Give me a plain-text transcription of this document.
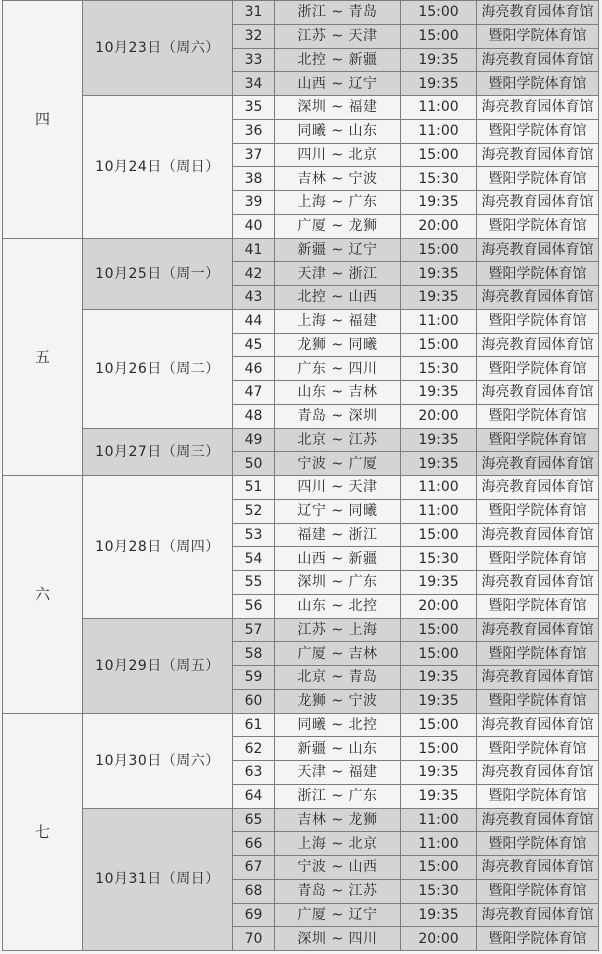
四	10月23日（周六）	31	浙江 ~ 青岛	15:00	海亮教育园体育馆
		32	江苏 ~ 天津	15:00	暨阳学院体育馆
		33	北控 ~ 新疆	19:35	海亮教育园体育馆
		34	山西 ~ 辽宁	19:35	暨阳学院体育馆
	10月24日（周日）	35	深圳 ~ 福建	11:00	海亮教育园体育馆
		36	同曦 ~ 山东	11:00	暨阳学院体育馆
		37	四川 ~ 北京	15:00	海亮教育园体育馆
		38	吉林 ~ 宁波	15:30	暨阳学院体育馆
		39	上海 ~ 广东	19:35	海亮教育园体育馆
		40	广厦 ~ 龙狮	20:00	暨阳学院体育馆
五	10月25日（周一）	41	新疆 ~ 辽宁	15:00	海亮教育园体育馆
		42	天津 ~ 浙江	19:35	暨阳学院体育馆
		43	北控 ~ 山西	19:35	海亮教育园体育馆
	10月26日（周二）	44	上海 ~ 福建	11:00	暨阳学院体育馆
		45	龙狮 ~ 同曦	15:00	海亮教育园体育馆
		46	广东 ~ 四川	15:30	暨阳学院体育馆
		47	山东 ~ 吉林	19:35	海亮教育园体育馆
		48	青岛 ~ 深圳	20:00	暨阳学院体育馆
	10月27日（周三）	49	北京 ~ 江苏	19:35	暨阳学院体育馆
		50	宁波 ~ 广厦	19:35	海亮教育园体育馆
六	10月28日（周四）	51	四川 ~ 天津	11:00	海亮教育园体育馆
		52	辽宁 ~ 同曦	11:00	暨阳学院体育馆
		53	福建 ~ 浙江	15:00	海亮教育园体育馆
		54	山西 ~ 新疆	15:30	暨阳学院体育馆
		55	深圳 ~ 广东	19:35	海亮教育园体育馆
		56	山东 ~ 北控	20:00	暨阳学院体育馆
	10月29日（周五）	57	江苏 ~ 上海	15:00	海亮教育园体育馆
		58	广厦 ~ 吉林	15:00	暨阳学院体育馆
		59	北京 ~ 青岛	19:35	海亮教育园体育馆
		60	龙狮 ~ 宁波	19:35	暨阳学院体育馆
七	10月30日（周六）	61	同曦 ~ 北控	15:00	海亮教育园体育馆
		62	新疆 ~ 山东	15:00	暨阳学院体育馆
		63	天津 ~ 福建	19:35	海亮教育园体育馆
		64	浙江 ~ 广东	19:35	暨阳学院体育馆
	10月31日（周日）	65	吉林 ~ 龙狮	11:00	海亮教育园体育馆
		66	上海 ~ 北京	11:00	暨阳学院体育馆
		67	宁波 ~ 山西	15:00	海亮教育园体育馆
		68	青岛 ~ 江苏	15:30	暨阳学院体育馆
		69	广厦 ~ 辽宁	19:35	海亮教育园体育馆
		70	深圳 ~ 四川	20:00	暨阳学院体育馆
